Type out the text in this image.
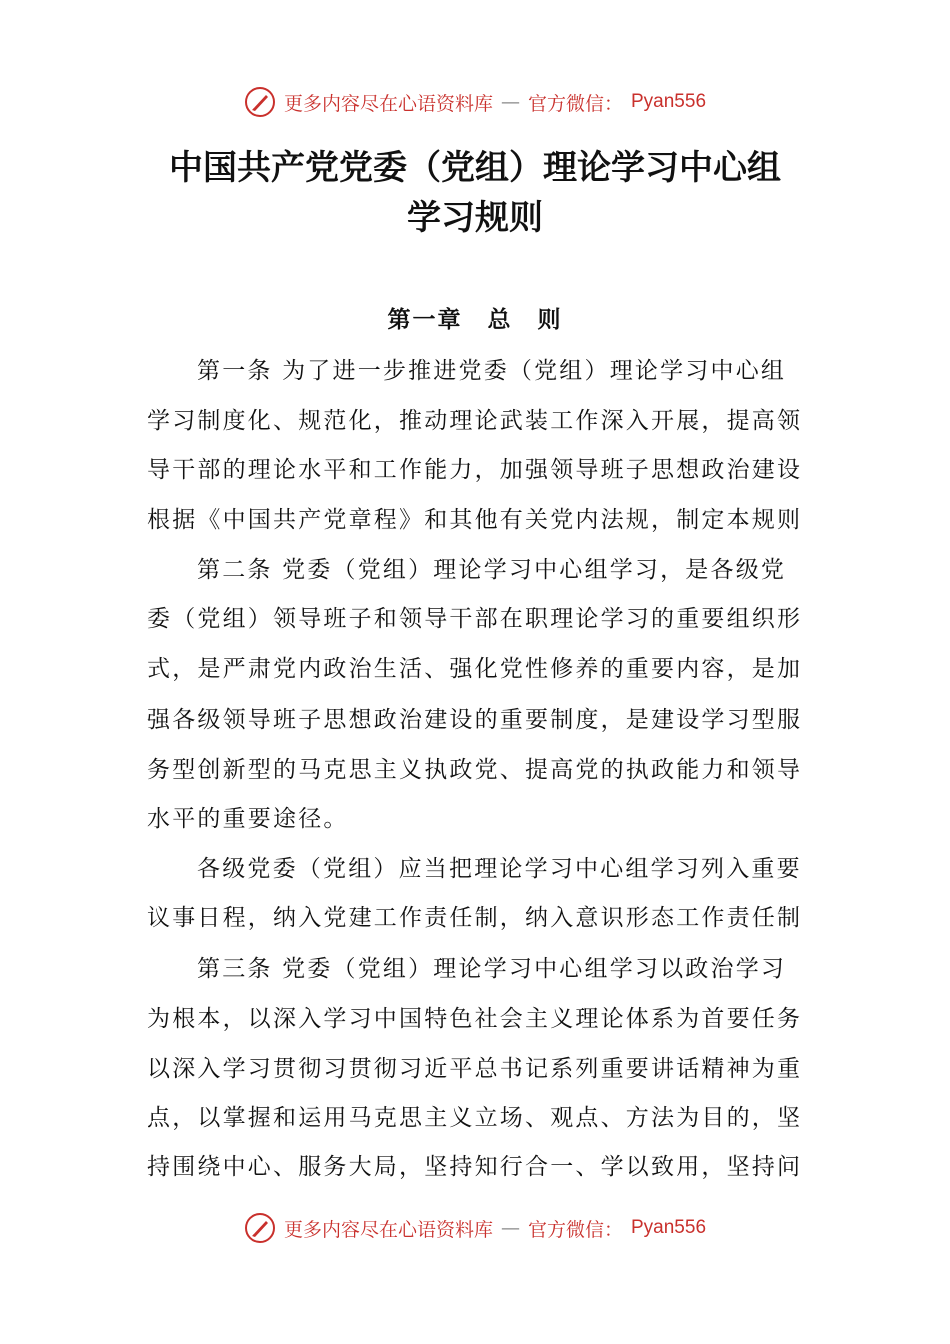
更多内容尽在心语资料库 — 官方微信： Pyan556
中国共产党党委（党组）理论学习中心组
学习规则
第一章　总　则
第一条 为了进一步推进党委（党组）理论学习中心组
学习制度化、规范化，推动理论武装工作深入开展，提高领
导干部的理论水平和工作能力，加强领导班子思想政治建设
根据《中国共产党章程》和其他有关党内法规，制定本规则
第二条 党委（党组）理论学习中心组学习，是各级党
委（党组）领导班子和领导干部在职理论学习的重要组织形
式，是严肃党内政治生活、强化党性修养的重要内容，是加
强各级领导班子思想政治建设的重要制度，是建设学习型服
务型创新型的马克思主义执政党、提高党的执政能力和领导
水平的重要途径。
各级党委（党组）应当把理论学习中心组学习列入重要
议事日程，纳入党建工作责任制，纳入意识形态工作责任制
第三条 党委（党组）理论学习中心组学习以政治学习
为根本，以深入学习中国特色社会主义理论体系为首要任务
以深入学习贯彻习贯彻习近平总书记系列重要讲话精神为重
点，以掌握和运用马克思主义立场、观点、方法为目的，坚
持围绕中心、服务大局，坚持知行合一、学以致用，坚持问
更多内容尽在心语资料库 — 官方微信： Pyan556
